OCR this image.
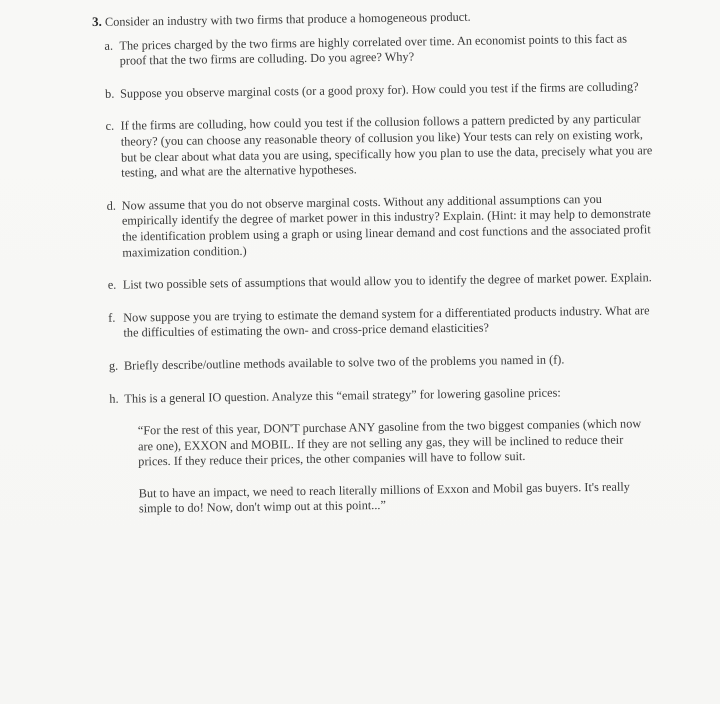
3. Consider an industry with two firms that produce a homogeneous product.
a. The prices charged by the two firms are highly correlated over time. An economist points to this fact as proof that the two firms are colluding. Do you agree? Why?
b. Suppose you observe marginal costs (or a good proxy for). How could you test if the firms are colluding?
c. If the firms are colluding, how could you test if the collusion follows a pattern predicted by any particular theory? (you can choose any reasonable theory of collusion you like) Your tests can rely on existing work, but be clear about what data you are using, specifically how you plan to use the data, precisely what you are testing, and what are the alternative hypotheses.
d. Now assume that you do not observe marginal costs. Without any additional assumptions can you empirically identify the degree of market power in this industry? Explain. (Hint: it may help to demonstrate the identification problem using a graph or using linear demand and cost functions and the associated profit maximization condition.)
e. List two possible sets of assumptions that would allow you to identify the degree of market power. Explain.
f. Now suppose you are trying to estimate the demand system for a differentiated products industry. What are the difficulties of estimating the own- and cross-price demand elasticities?
g. Briefly describe/outline methods available to solve two of the problems you named in (f).
h. This is a general IO question. Analyze this “email strategy” for lowering gasoline prices:

“For the rest of this year, DON'T purchase ANY gasoline from the two biggest companies (which now are one), EXXON and MOBIL. If they are not selling any gas, they will be inclined to reduce their prices. If they reduce their prices, the other companies will have to follow suit.

But to have an impact, we need to reach literally millions of Exxon and Mobil gas buyers. It's really simple to do! Now, don't wimp out at this point...”
